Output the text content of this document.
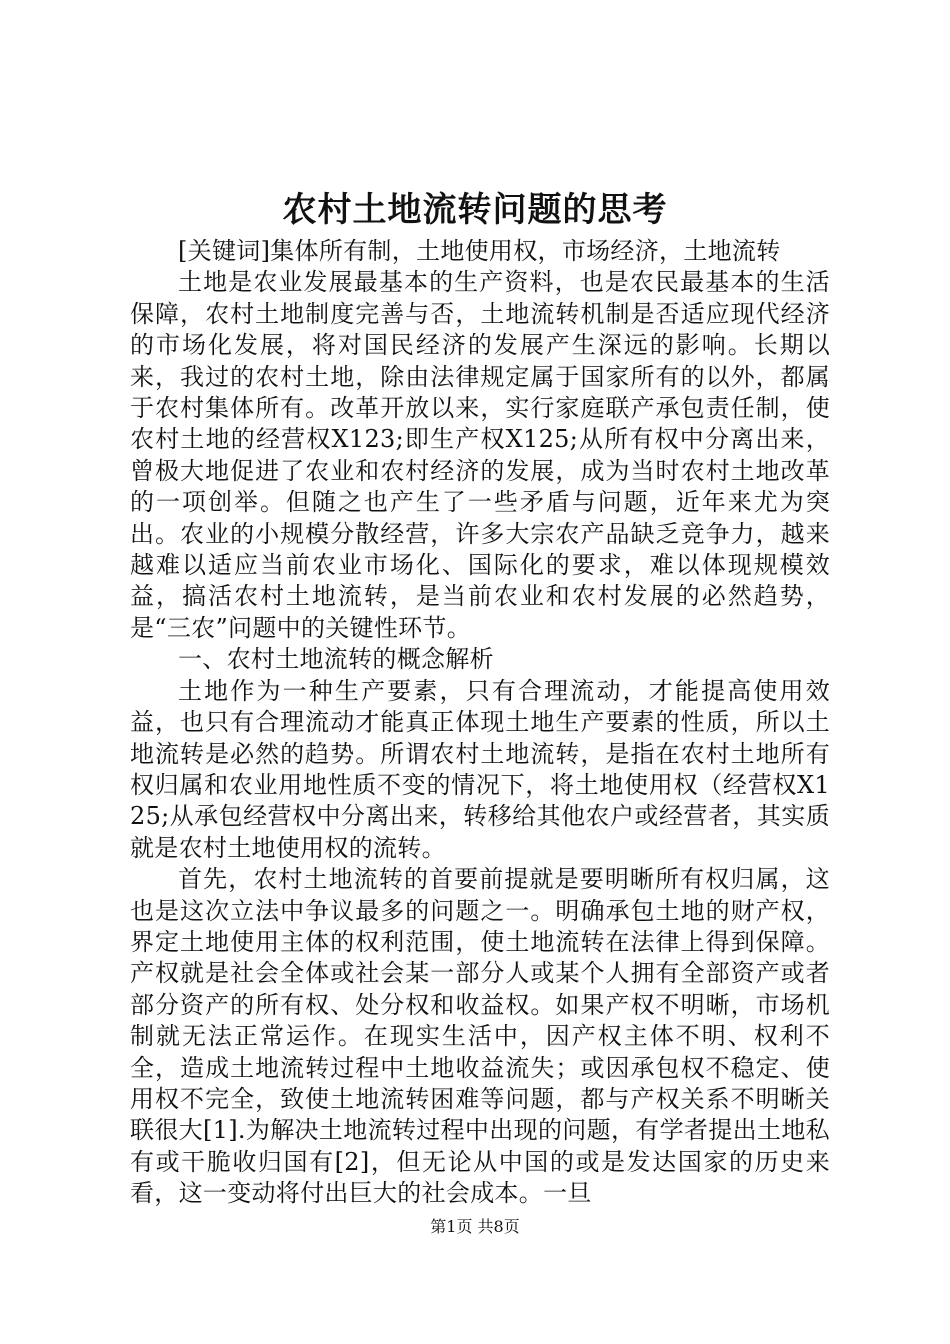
农村土地流转问题的思考

[关键词]集体所有制，土地使用权，市场经济，土地流转

土地是农业发展最基本的生产资料，也是农民最基本的生活保障，农村土地制度完善与否，土地流转机制是否适应现代经济的市场化发展，将对国民经济的发展产生深远的影响。长期以来，我过的农村土地，除由法律规定属于国家所有的以外，都属于农村集体所有。改革开放以来，实行家庭联产承包责任制，使农村土地的经营权X123;即生产权X125;从所有权中分离出来，曾极大地促进了农业和农村经济的发展，成为当时农村土地改革的一项创举。但随之也产生了一些矛盾与问题，近年来尤为突出。农业的小规模分散经营，许多大宗农产品缺乏竞争力，越来越难以适应当前农业市场化、国际化的要求，难以体现规模效益，搞活农村土地流转，是当前农业和农村发展的必然趋势，是“三农”问题中的关键性环节。

一、农村土地流转的概念解析

土地作为一种生产要素，只有合理流动，才能提高使用效益，也只有合理流动才能真正体现土地生产要素的性质，所以土地流转是必然的趋势。所谓农村土地流转，是指在农村土地所有权归属和农业用地性质不变的情况下，将土地使用权（经营权X125;从承包经营权中分离出来，转移给其他农户或经营者，其实质就是农村土地使用权的流转。

首先，农村土地流转的首要前提就是要明晰所有权归属，这也是这次立法中争议最多的问题之一。明确承包土地的财产权，界定土地使用主体的权利范围，使土地流转在法律上得到保障。产权就是社会全体或社会某一部分人或某个人拥有全部资产或者部分资产的所有权、处分权和收益权。如果产权不明晰，市场机制就无法正常运作。在现实生活中，因产权主体不明、权利不全，造成土地流转过程中土地收益流失；或因承包权不稳定、使用权不完全，致使土地流转困难等问题，都与产权关系不明晰关联很大[1].为解决土地流转过程中出现的问题，有学者提出土地私有或干脆收归国有[2]，但无论从中国的或是发达国家的历史来看，这一变动将付出巨大的社会成本。一旦

第1页 共8页
